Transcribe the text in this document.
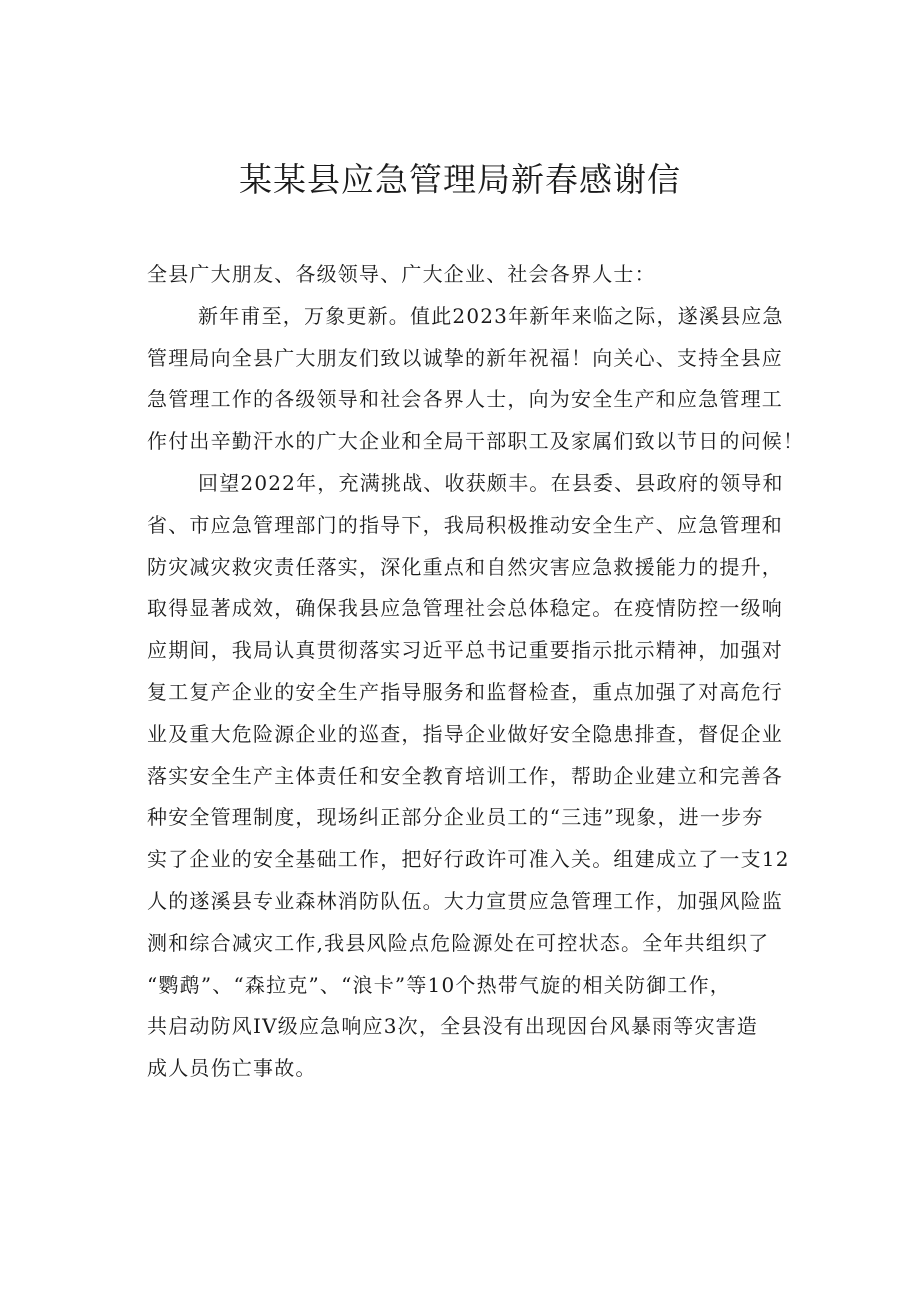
某某县应急管理局新春感谢信

全县广大朋友、各级领导、广大企业、社会各界人士：

新年甫至，万象更新。值此2023年新年来临之际，遂溪县应急

管理局向全县广大朋友们致以诚挚的新年祝福！向关心、支持全县应

急管理工作的各级领导和社会各界人士，向为安全生产和应急管理工

作付出辛勤汗水的广大企业和全局干部职工及家属们致以节日的问候！

回望2022年，充满挑战、收获颇丰。在县委、县政府的领导和

省、市应急管理部门的指导下，我局积极推动安全生产、应急管理和

防灾减灾救灾责任落实，深化重点和自然灾害应急救援能力的提升，

取得显著成效，确保我县应急管理社会总体稳定。在疫情防控一级响

应期间，我局认真贯彻落实习近平总书记重要指示批示精神，加强对

复工复产企业的安全生产指导服务和监督检查，重点加强了对高危行

业及重大危险源企业的巡查，指导企业做好安全隐患排查，督促企业

落实安全生产主体责任和安全教育培训工作，帮助企业建立和完善各

种安全管理制度，现场纠正部分企业员工的“三违”现象，进一步夯

实了企业的安全基础工作，把好行政许可准入关。组建成立了一支12

人的遂溪县专业森林消防队伍。大力宣贯应急管理工作，加强风险监

测和综合减灾工作,我县风险点危险源处在可控状态。全年共组织了

“鹦鹉”、“森拉克”、“浪卡”等10个热带气旋的相关防御工作，

共启动防风IV级应急响应3次，全县没有出现因台风暴雨等灾害造

成人员伤亡事故。
